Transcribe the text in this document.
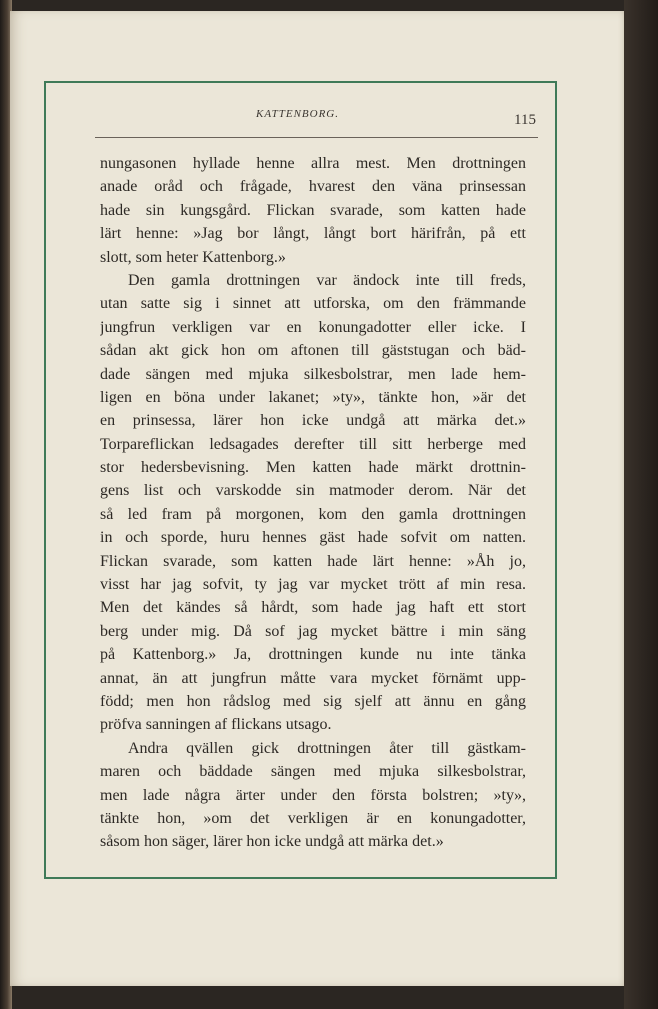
KATTENBORG.	115
nungasonen hyllade henne allra mest. Men drottningen
anade oråd och frågade, hvarest den väna prinsessan
hade sin kungsgård. Flickan svarade, som katten hade
lärt henne: »Jag bor långt, långt bort härifrån, på ett
slott, som heter Kattenborg.»
Den gamla drottningen var ändock inte till freds,
utan satte sig i sinnet att utforska, om den främmande
jungfrun verkligen var en konungadotter eller icke. I
sådan akt gick hon om aftonen till gäststugan och bäd-
dade sängen med mjuka silkesbolstrar, men lade hem-
ligen en böna under lakanet; »ty», tänkte hon, »är det
en prinsessa, lärer hon icke undgå att märka det.»
Torpareflickan ledsagades derefter till sitt herberge med
stor hedersbevisning. Men katten hade märkt drottnin-
gens list och varskodde sin matmoder derom. När det
så led fram på morgonen, kom den gamla drottningen
in och sporde, huru hennes gäst hade sofvit om natten.
Flickan svarade, som katten hade lärt henne: »Åh jo,
visst har jag sofvit, ty jag var mycket trött af min resa.
Men det kändes så hårdt, som hade jag haft ett stort
berg under mig. Då sof jag mycket bättre i min säng
på Kattenborg.» Ja, drottningen kunde nu inte tänka
annat, än att jungfrun måtte vara mycket förnämt upp-
född; men hon rådslog med sig sjelf att ännu en gång
pröfva sanningen af flickans utsago.
Andra qvällen gick drottningen åter till gästkam-
maren och bäddade sängen med mjuka silkesbolstrar,
men lade några ärter under den första bolstren; »ty»,
tänkte hon, »om det verkligen är en konungadotter,
såsom hon säger, lärer hon icke undgå att märka det.»
